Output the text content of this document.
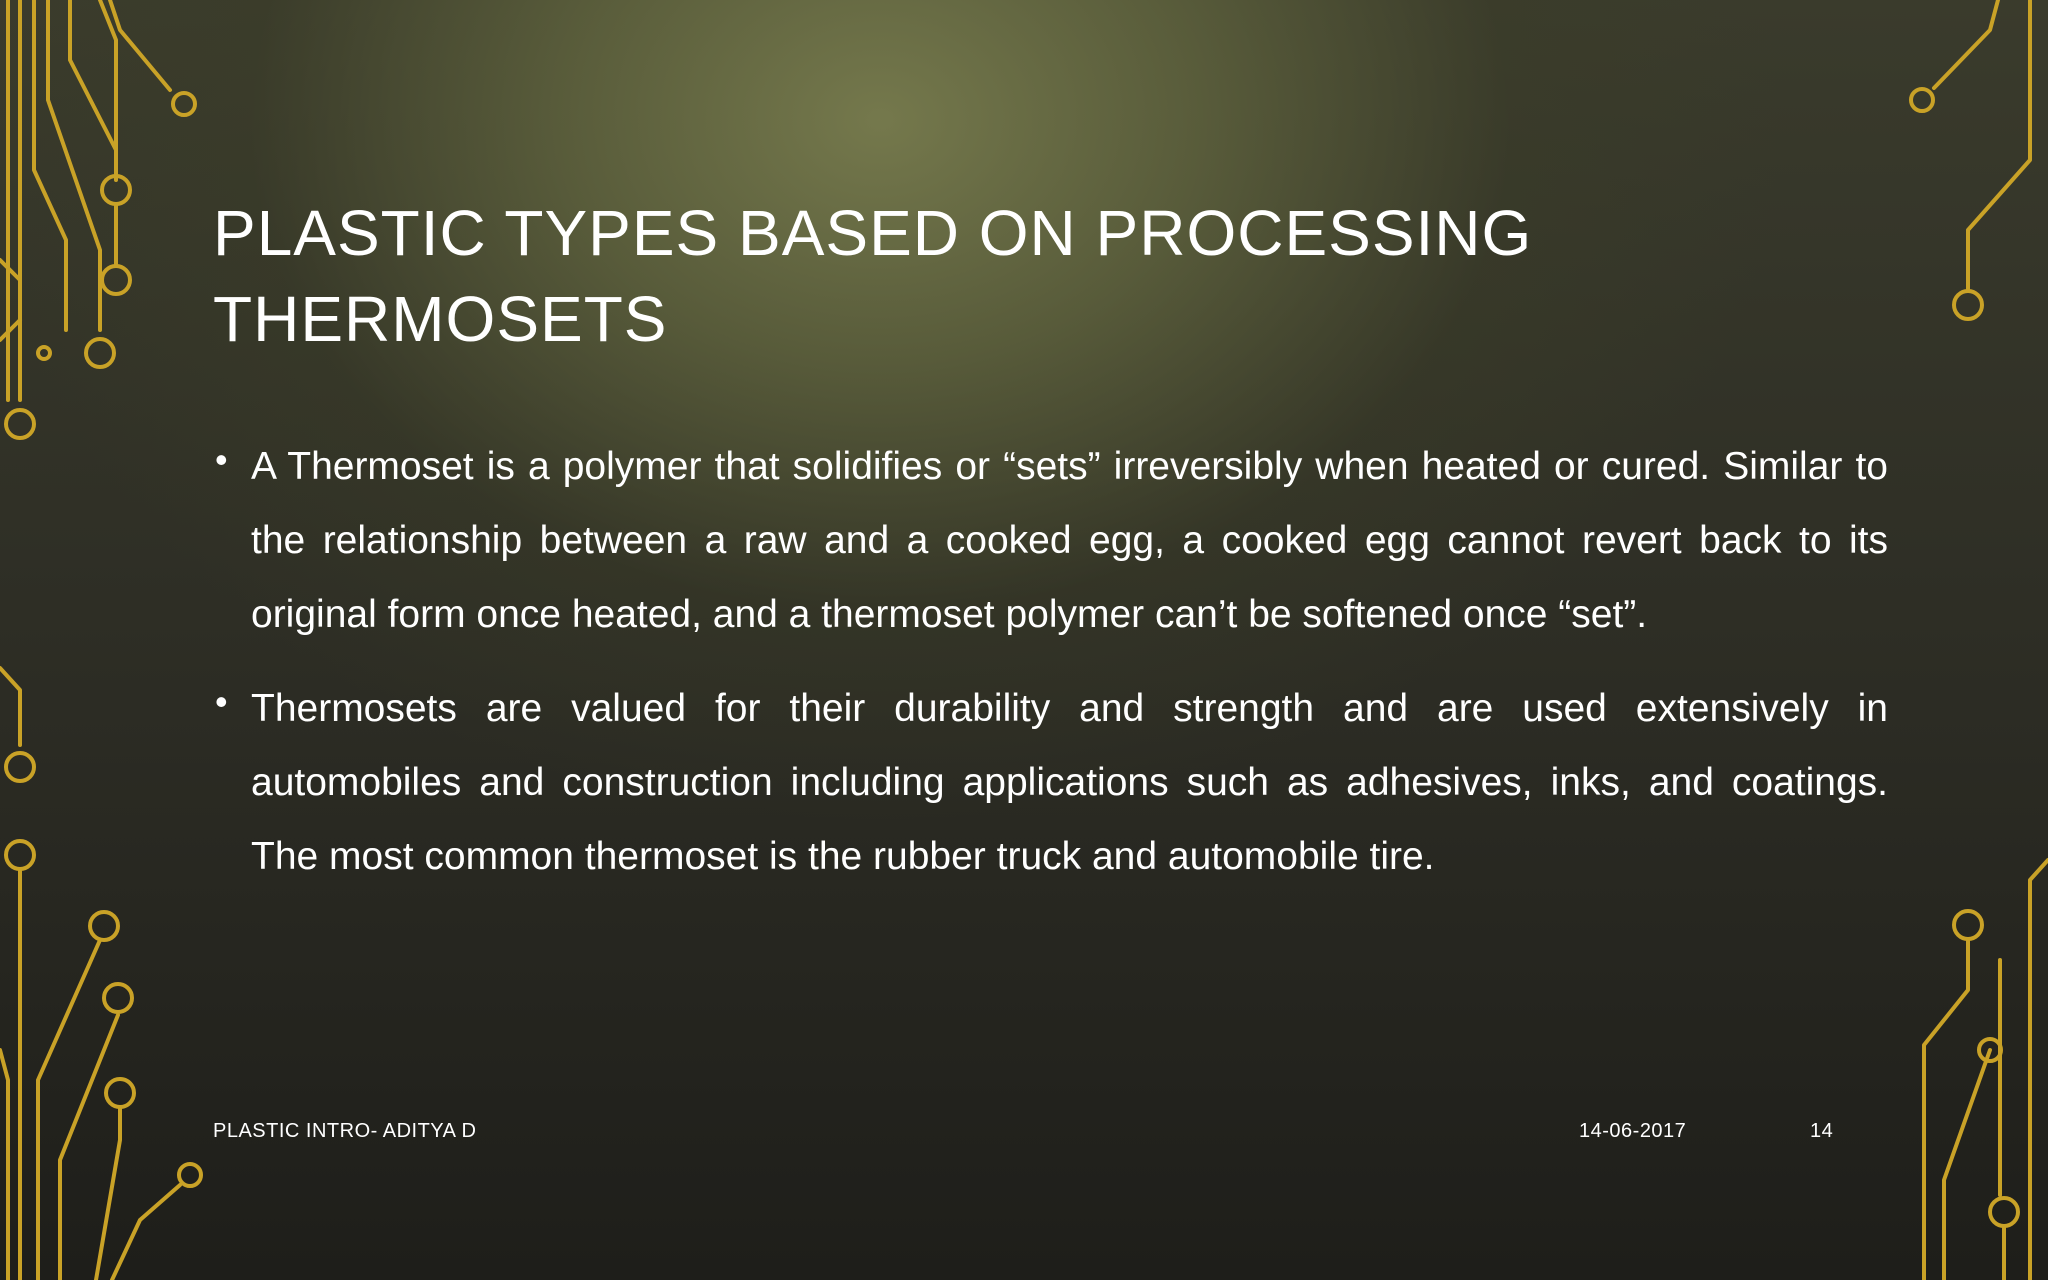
PLASTIC TYPES BASED ON PROCESSING
THERMOSETS

• A Thermoset is a polymer that solidifies or “sets” irreversibly when heated or cured. Similar to the relationship between a raw and a cooked egg, a cooked egg cannot revert back to its original form once heated, and a thermoset polymer can’t be softened once “set”.

• Thermosets are valued for their durability and strength and are used extensively in automobiles and construction including applications such as adhesives, inks, and coatings. The most common thermoset is the rubber truck and automobile tire.

PLASTIC INTRO- ADITYA D	14-06-2017	14
